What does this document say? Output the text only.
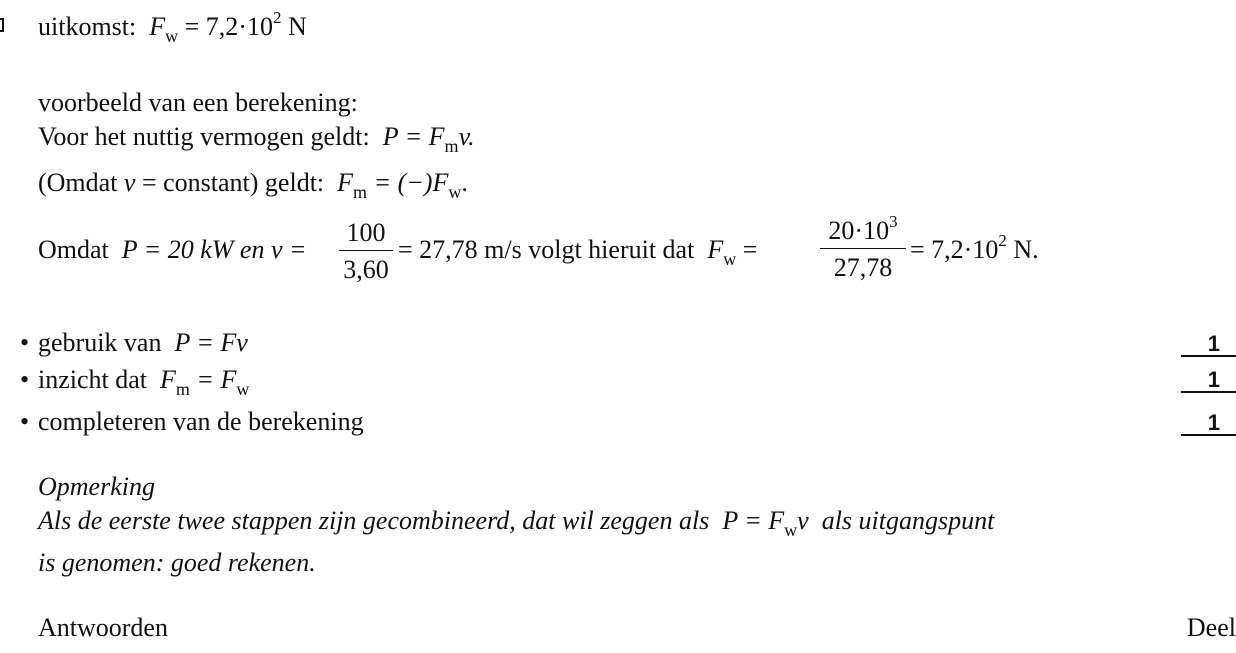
uitkomst: $F_w = 7,2\cdot 10^2$ N
voorbeeld van een berekening:
Voor het nuttig vermogen geldt: $P = F_mv$.
(Omdat v = constant) geldt: $F_m = (-)F_w$.
Omdat P = 20 kW en v =
100
3,60
= 27,78 m/s volgt hieruit dat $F_w$ =
$20\cdot 10^3$
27,78
= $7,2\cdot 10^2$ N.
• gebruik van P = Fv	1
• inzicht dat $F_m = F_w$	1
• completeren van de berekening	1
Opmerking
Als de eerste twee stappen zijn gecombineerd, dat wil zeggen als $P = F_wv$ als uitgangspunt
is genomen: goed rekenen.
Antwoorden	Deel
